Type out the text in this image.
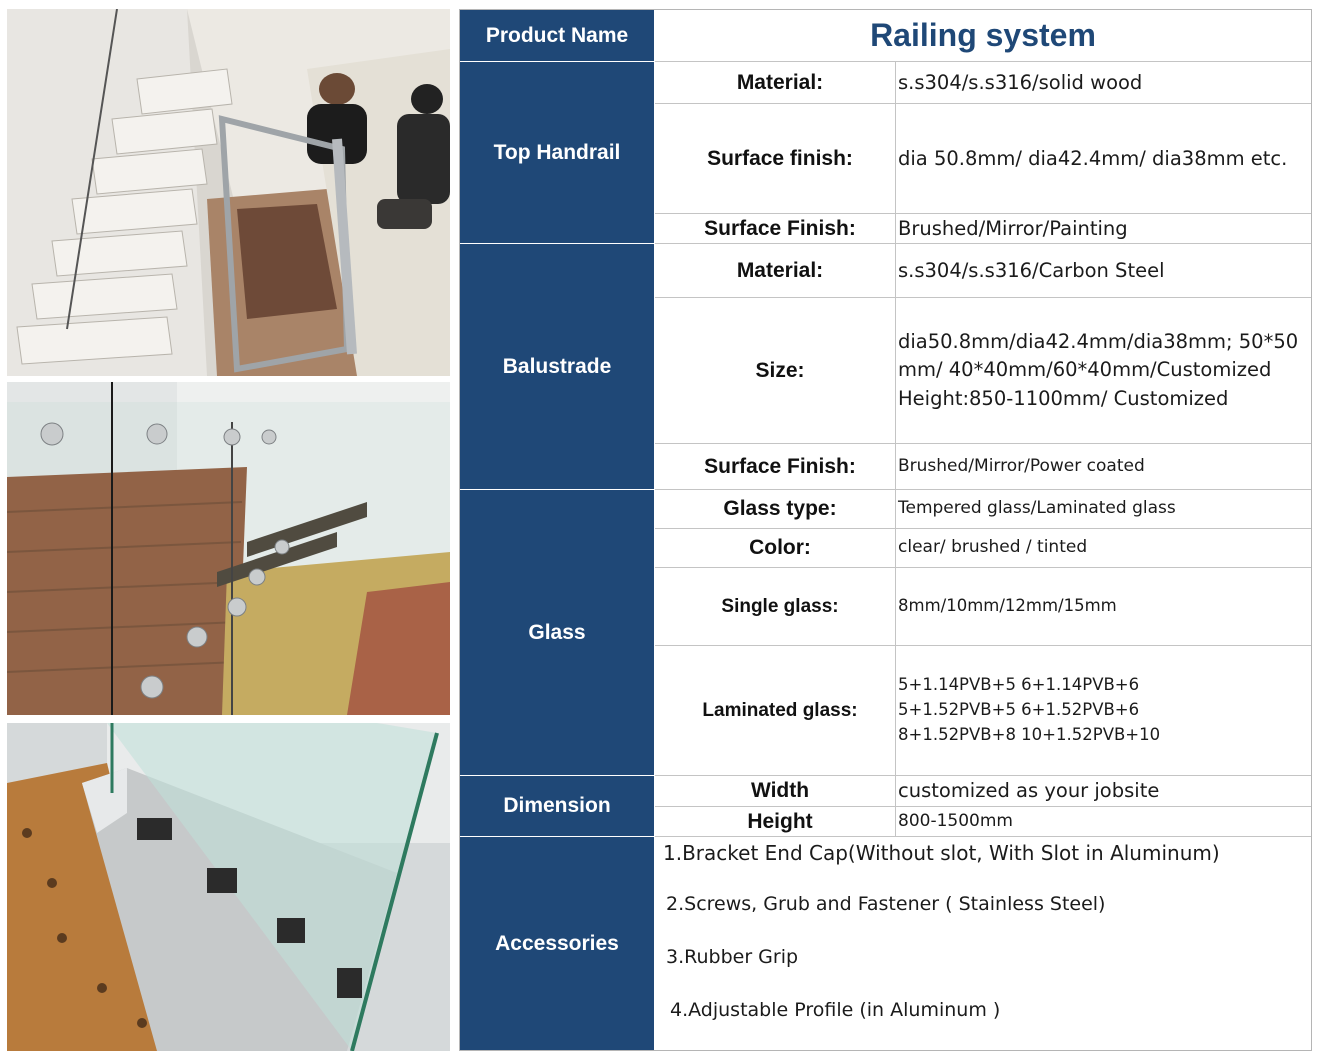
Product Name	Railing system
Top Handrail
Material:	s.s304/s.s316/solid wood
Surface finish:	dia 50.8mm/ dia42.4mm/ dia38mm etc.
Surface Finish:	Brushed/Mirror/Painting
Balustrade
Material:	s.s304/s.s316/Carbon Steel
Size:
dia50.8mm/dia42.4mm/dia38mm; 50*50
mm/ 40*40mm/60*40mm/Customized
Height:850-1100mm/ Customized
Surface Finish:	Brushed/Mirror/Power coated
Glass
Glass type:	Tempered glass/Laminated glass
Color:	clear/ brushed / tinted
Single glass:	8mm/10mm/12mm/15mm
Laminated glass:
5+1.14PVB+5 6+1.14PVB+6
5+1.52PVB+5 6+1.52PVB+6
8+1.52PVB+8 10+1.52PVB+10
Dimension
Width	customized as your jobsite
Height	800-1500mm
Accessories
1.Bracket End Cap(Without slot, With Slot in Aluminum)
2.Screws, Grub and Fastener ( Stainless Steel)
3.Rubber Grip
4.Adjustable Profile (in Aluminum )
